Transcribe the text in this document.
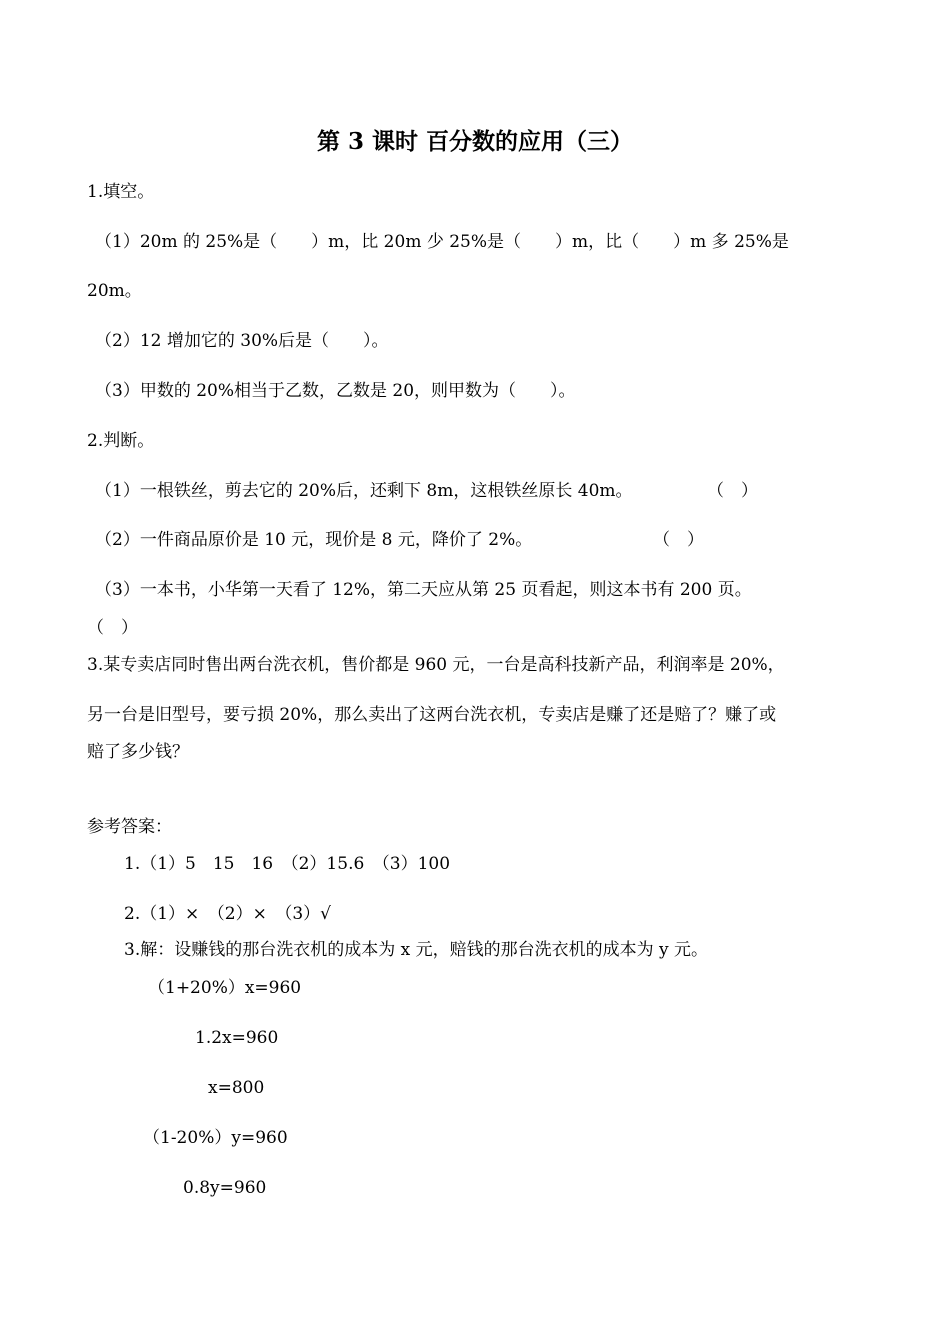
第 3 课时 百分数的应用（三）
1.填空。
（1）20m 的 25%是（　　）m，比 20m 少 25%是（　　）m，比（　　）m 多 25%是
20m。
（2）12 增加它的 30%后是（　　）。
（3）甲数的 20%相当于乙数，乙数是 20，则甲数为（　　）。
2.判断。
（1）一根铁丝，剪去它的 20%后，还剩下 8m，这根铁丝原长 40m。	（　）
（2）一件商品原价是 10 元，现价是 8 元，降价了 2%。	（　）
（3）一本书，小华第一天看了 12%，第二天应从第 25 页看起，则这本书有 200 页。
（　）
3.某专卖店同时售出两台洗衣机，售价都是 960 元，一台是高科技新产品，利润率是 20%，
另一台是旧型号，要亏损 20%，那么卖出了这两台洗衣机，专卖店是赚了还是赔了？赚了或
赔了多少钱？
参考答案：
1.（1）5　15　16　（2）15.6　（3）100
2.（1）×　（2）×　（3）√
3.解：设赚钱的那台洗衣机的成本为 x 元，赔钱的那台洗衣机的成本为 y 元。
（1+20%）x=960
1.2x=960
x=800
（1-20%）y=960
0.8y=960
